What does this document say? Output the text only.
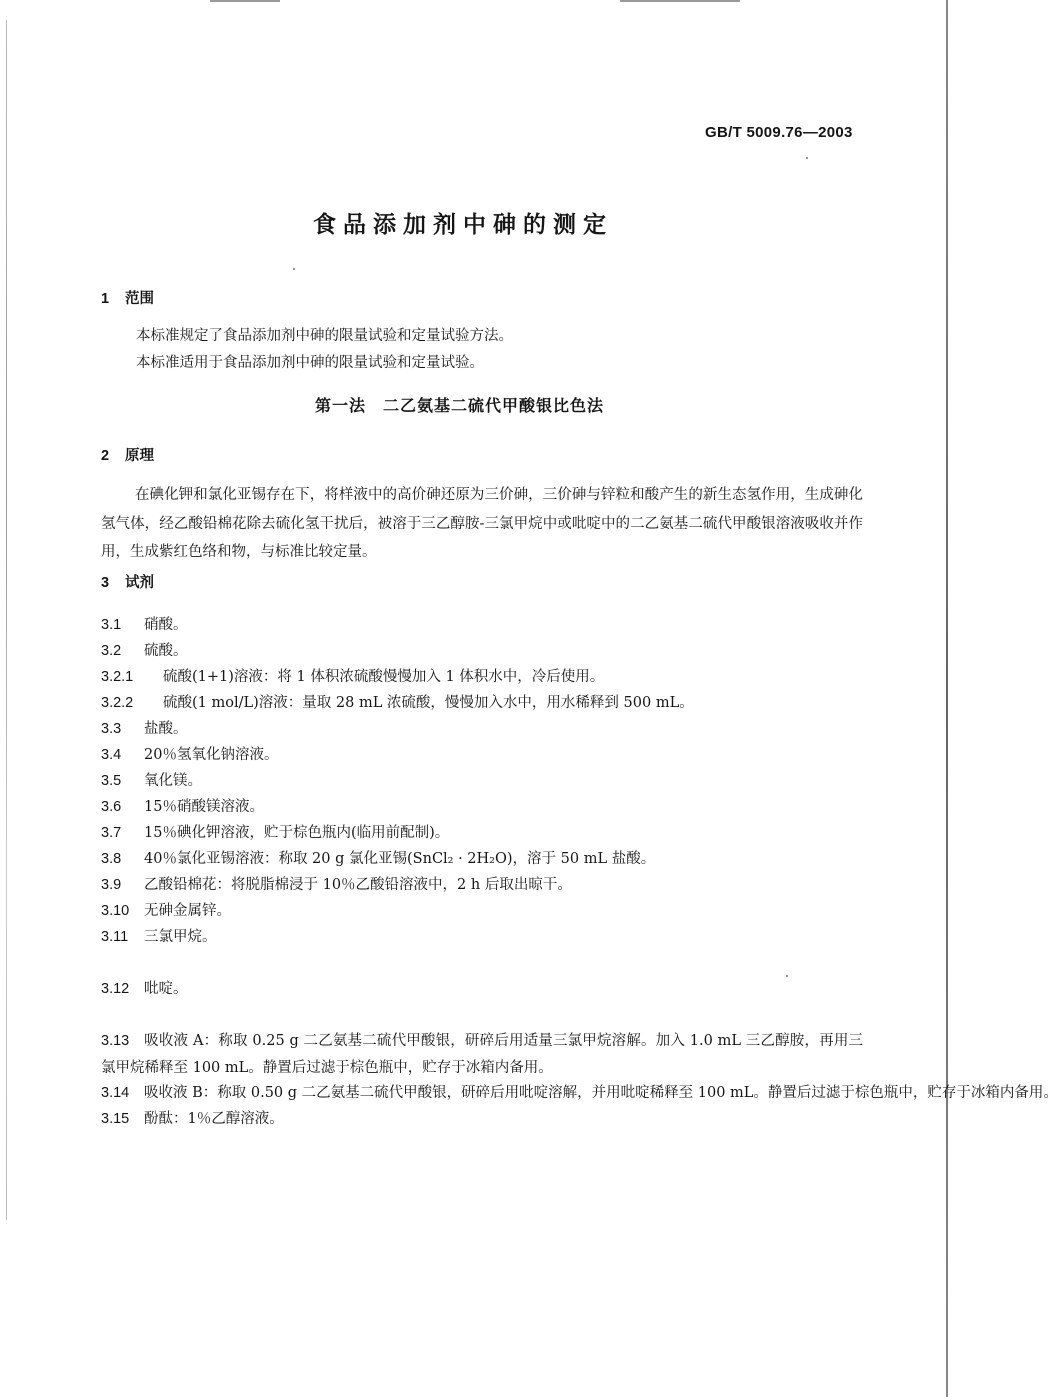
GB/T 5009.76—2003
食品添加剂中砷的测定
1 范围
本标准规定了食品添加剂中砷的限量试验和定量试验方法。
本标准适用于食品添加剂中砷的限量试验和定量试验。
第一法　二乙氨基二硫代甲酸银比色法
2 原理
在碘化钾和氯化亚锡存在下，将样液中的高价砷还原为三价砷，三价砷与锌粒和酸产生的新生态氢作用，生成砷化氢气体，经乙酸铅棉花除去硫化氢干扰后，被溶于三乙醇胺-三氯甲烷中或吡啶中的二乙氨基二硫代甲酸银溶液吸收并作用，生成紫红色络和物，与标准比较定量。
3 试剂
3.1 硝酸。
3.2 硫酸。
3.2.1 硫酸(1+1)溶液：将 1 体积浓硫酸慢慢加入 1 体积水中，冷后使用。
3.2.2 硫酸(1 mol/L)溶液：量取 28 mL 浓硫酸，慢慢加入水中，用水稀释到 500 mL。
3.3 盐酸。
3.4 20％氢氧化钠溶液。
3.5 氧化镁。
3.6 15％硝酸镁溶液。
3.7 15％碘化钾溶液，贮于棕色瓶内(临用前配制)。
3.8 40％氯化亚锡溶液：称取 20 g 氯化亚锡(SnCl₂ · 2H₂O)，溶于 50 mL 盐酸。
3.9 乙酸铅棉花：将脱脂棉浸于 10％乙酸铅溶液中，2 h 后取出晾干。
3.10 无砷金属锌。
3.11 三氯甲烷。
3.12 吡啶。
3.13 吸收液 A：称取 0.25 g 二乙氨基二硫代甲酸银，研碎后用适量三氯甲烷溶解。加入 1.0 mL 三乙醇胺，再用三氯甲烷稀释至 100 mL。静置后过滤于棕色瓶中，贮存于冰箱内备用。
3.14 吸收液 B：称取 0.50 g 二乙氨基二硫代甲酸银，研碎后用吡啶溶解，并用吡啶稀释至 100 mL。静置后过滤于棕色瓶中，贮存于冰箱内备用。
3.15 酚酞：1％乙醇溶液。
